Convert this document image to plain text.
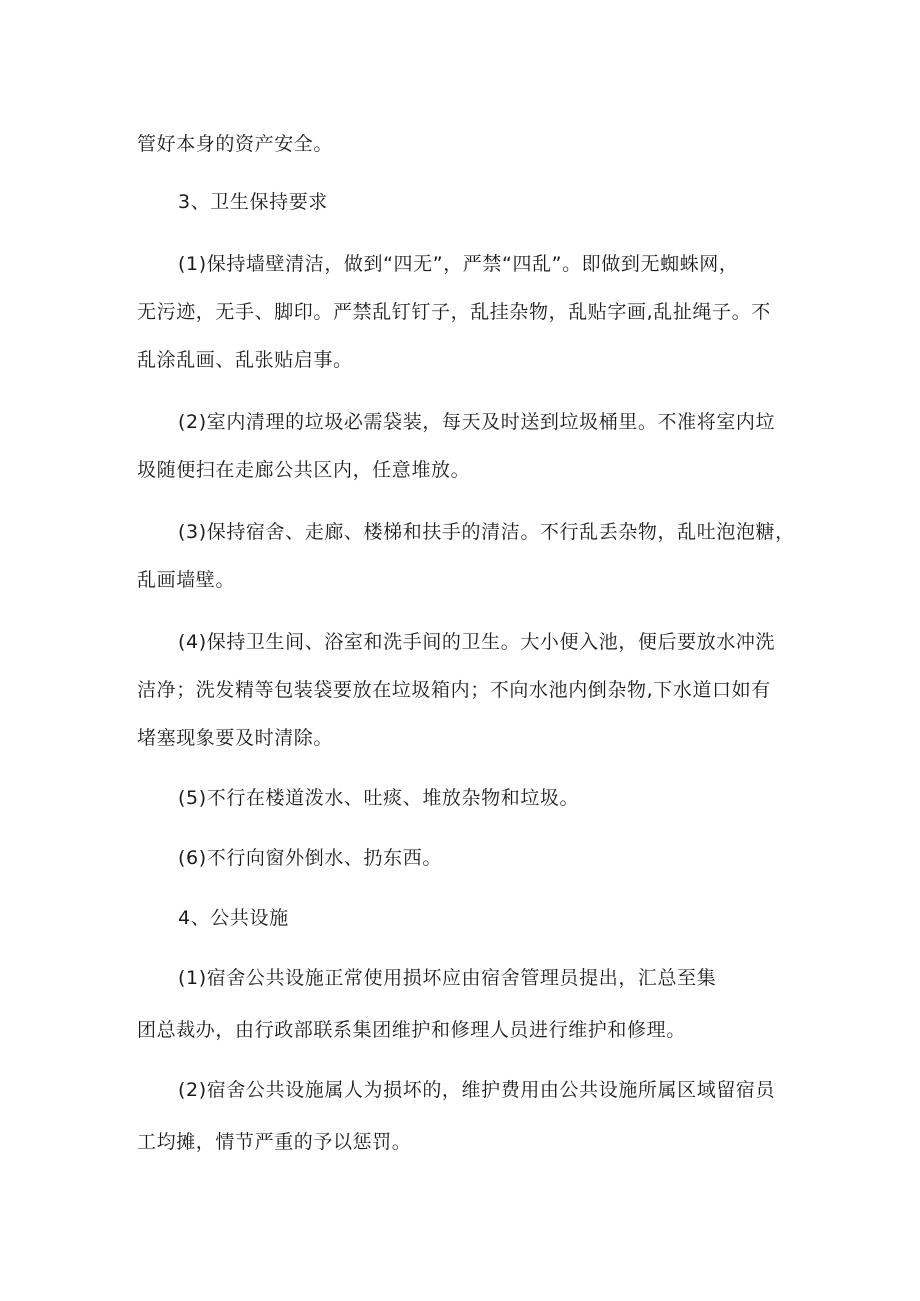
管好本身的资产安全。
3、卫生保持要求
(1)保持墙壁清洁，做到“四无”，严禁“四乱”。即做到无蜘蛛网，
无污迹，无手、脚印。严禁乱钉钉子，乱挂杂物，乱贴字画,乱扯绳子。不
乱涂乱画、乱张贴启事。
(2)室内清理的垃圾必需袋装，每天及时送到垃圾桶里。不准将室内垃
圾随便扫在走廊公共区内，任意堆放。
(3)保持宿舍、走廊、楼梯和扶手的清洁。不行乱丢杂物，乱吐泡泡糖，
乱画墙壁。
(4)保持卫生间、浴室和洗手间的卫生。大小便入池，便后要放水冲洗
洁净；洗发精等包装袋要放在垃圾箱内；不向水池内倒杂物,下水道口如有
堵塞现象要及时清除。
(5)不行在楼道泼水、吐痰、堆放杂物和垃圾。
(6)不行向窗外倒水、扔东西。
4、公共设施
(1)宿舍公共设施正常使用损坏应由宿舍管理员提出，汇总至集
团总裁办，由行政部联系集团维护和修理人员进行维护和修理。
(2)宿舍公共设施属人为损坏的，维护费用由公共设施所属区域留宿员
工均摊，情节严重的予以惩罚。
